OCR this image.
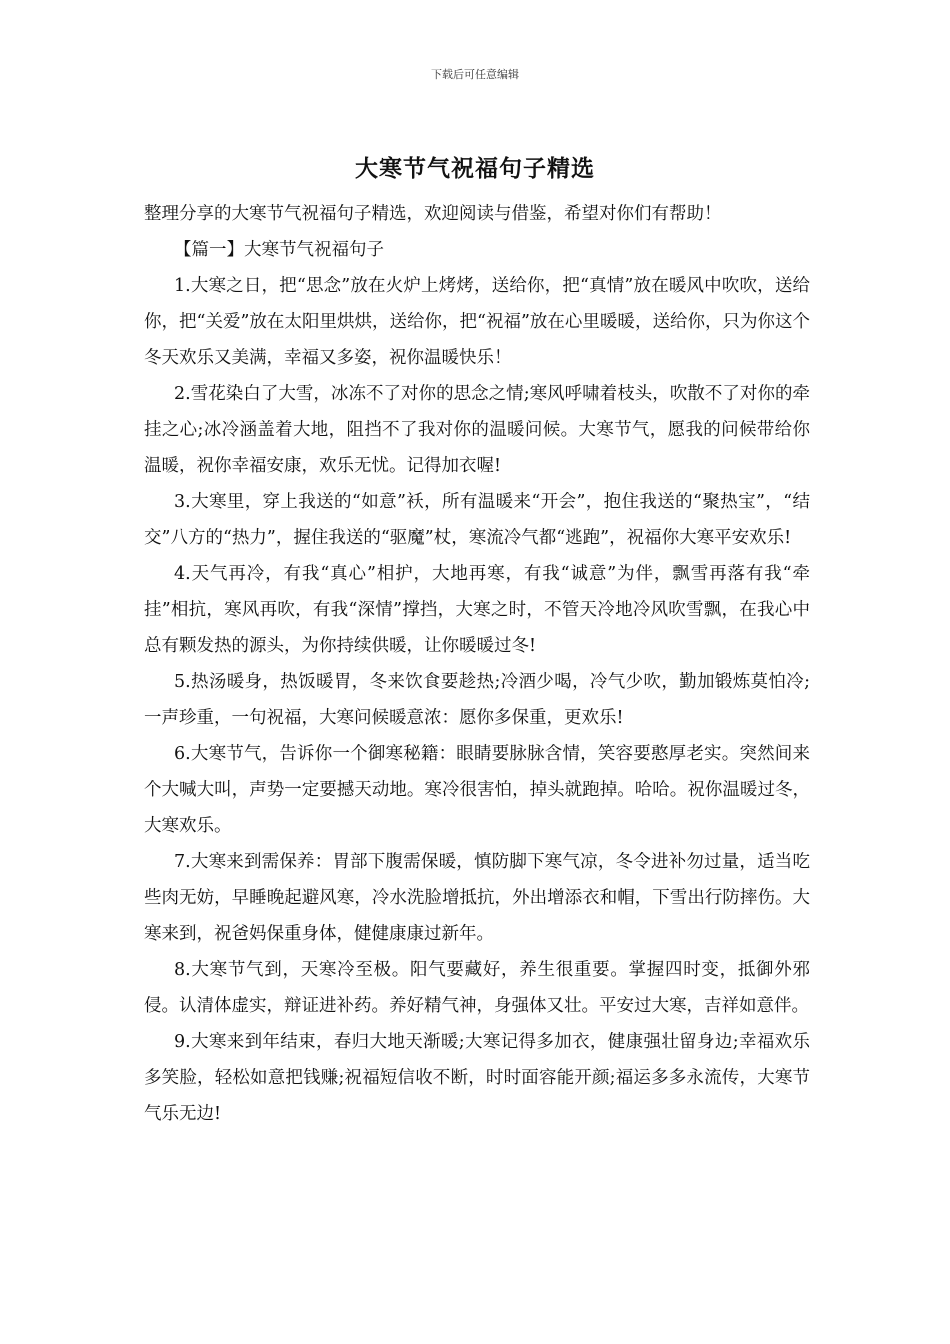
下载后可任意编辑
大寒节气祝福句子精选

整理分享的大寒节气祝福句子精选，欢迎阅读与借鉴，希望对你们有帮助！

【篇一】大寒节气祝福句子

1.大寒之日，把“思念”放在火炉上烤烤，送给你，把“真情”放在暖风中吹吹，送给你，把“关爱”放在太阳里烘烘，送给你，把“祝福”放在心里暖暖，送给你，只为你这个冬天欢乐又美满，幸福又多姿，祝你温暖快乐！

2.雪花染白了大雪，冰冻不了对你的思念之情;寒风呼啸着枝头，吹散不了对你的牵挂之心;冰冷涵盖着大地，阻挡不了我对你的温暖问候。大寒节气，愿我的问候带给你温暖，祝你幸福安康，欢乐无忧。记得加衣喔!

3.大寒里，穿上我送的“如意”袄，所有温暖来“开会”，抱住我送的“聚热宝”，“结交”八方的“热力”，握住我送的“驱魔”杖，寒流冷气都“逃跑”，祝福你大寒平安欢乐!

4.天气再冷，有我“真心”相护，大地再寒，有我“诚意”为伴，飘雪再落有我“牵挂”相抗，寒风再吹，有我“深情”撑挡，大寒之时，不管天冷地冷风吹雪飘，在我心中总有颗发热的源头，为你持续供暖，让你暖暖过冬!

5.热汤暖身，热饭暖胃，冬来饮食要趁热;冷酒少喝，冷气少吹，勤加锻炼莫怕冷;一声珍重，一句祝福，大寒问候暖意浓：愿你多保重，更欢乐!

6.大寒节气，告诉你一个御寒秘籍：眼睛要脉脉含情，笑容要憨厚老实。突然间来个大喊大叫，声势一定要撼天动地。寒冷很害怕，掉头就跑掉。哈哈。祝你温暖过冬，大寒欢乐。

7.大寒来到需保养：胃部下腹需保暖，慎防脚下寒气凉，冬令进补勿过量，适当吃些肉无妨，早睡晚起避风寒，冷水洗脸增抵抗，外出增添衣和帽，下雪出行防摔伤。大寒来到，祝爸妈保重身体，健健康康过新年。

8.大寒节气到，天寒冷至极。阳气要藏好，养生很重要。掌握四时变，抵御外邪侵。认清体虚实，辩证进补药。养好精气神，身强体又壮。平安过大寒，吉祥如意伴。

9.大寒来到年结束，春归大地天渐暖;大寒记得多加衣，健康强壮留身边;幸福欢乐多笑脸，轻松如意把钱赚;祝福短信收不断，时时面容能开颜;福运多多永流传，大寒节气乐无边!
